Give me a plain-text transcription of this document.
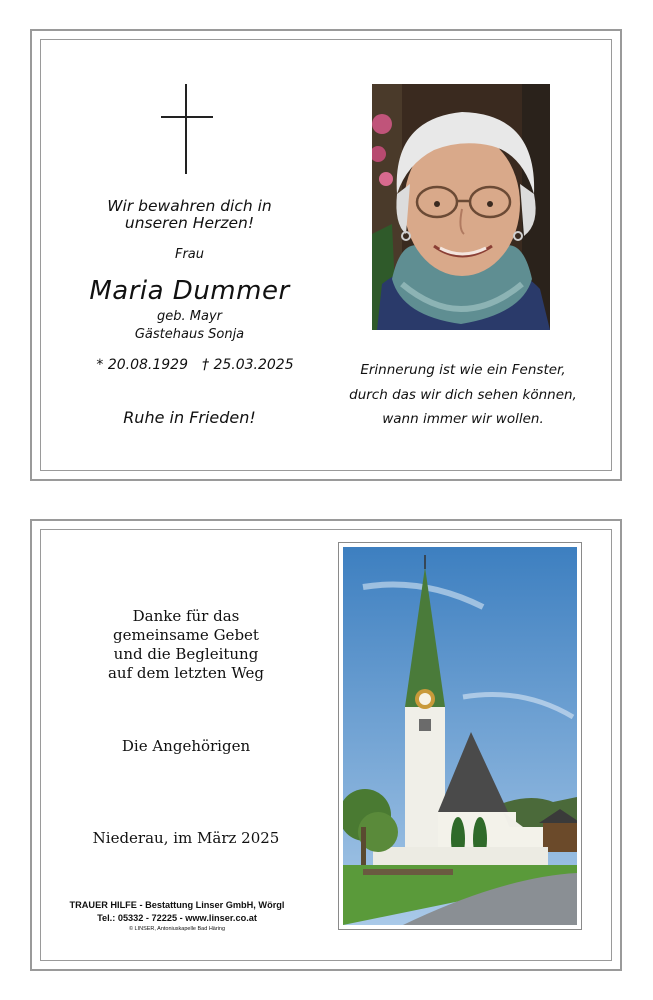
Wir bewahren dich in
unseren Herzen!
Frau
Maria Dummer
geb. Mayr
Gästehaus Sonja
* 20.08.1929 † 25.03.2025
Ruhe in Frieden!
Erinnerung ist wie ein Fenster,
durch das wir dich sehen können,
wann immer wir wollen.
Danke für das
gemeinsame Gebet
und die Begleitung
auf dem letzten Weg
Die Angehörigen
Niederau, im März 2025
TRAUER HILFE - Bestattung Linser GmbH, Wörgl
Tel.: 05332 - 72225 - www.linser.co.at
© LINSER, Antoniuskapelle Bad Häring
